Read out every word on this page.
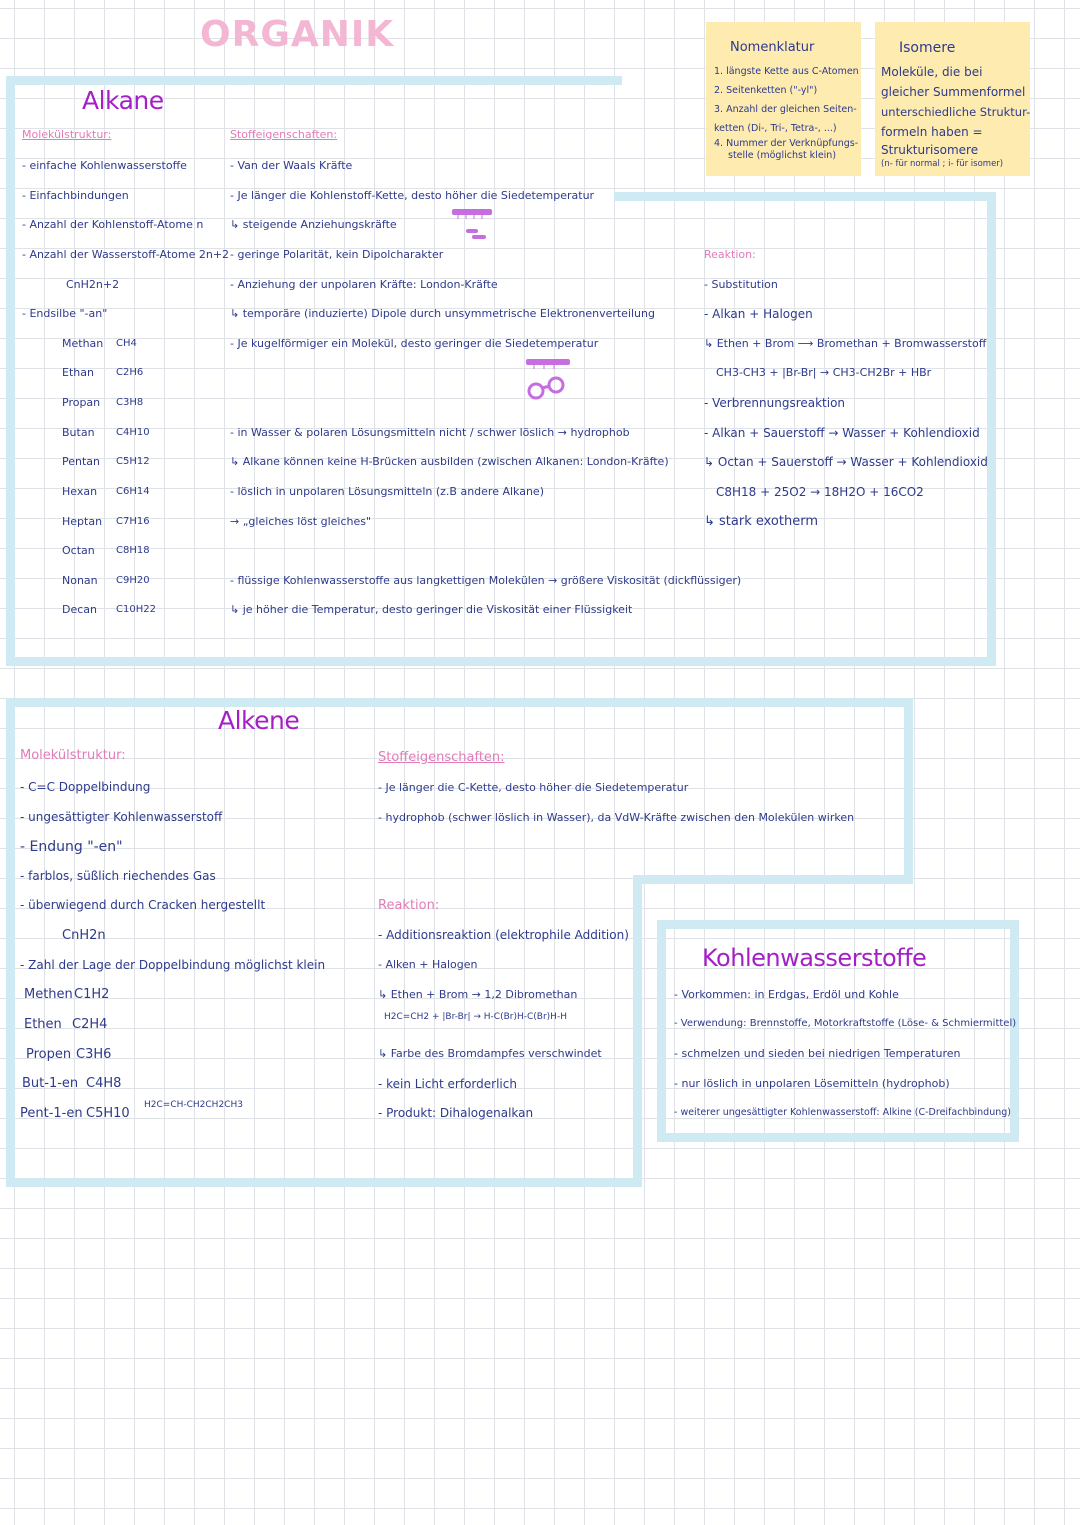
ORGANIK
Alkane
Molekülstruktur:
- einfache Kohlenwasserstoffe
- Einfachbindungen
- Anzahl der Kohlenstoff-Atome n
- Anzahl der Wasserstoff-Atome 2n+2
CnH2n+2
- Endsilbe "-an"
Methan CH4
Ethan C2H6
Propan C3H8
Butan C4H10
Pentan C5H12
Hexan C6H14
Heptan C7H16
Octan C8H18
Nonan C9H20
Decan C10H22
Stoffeigenschaften:
- Van der Waals Kräfte
- Je länger die Kohlenstoff-Kette, desto höher die Siedetemperatur
↳ steigende Anziehungskräfte
- geringe Polarität, kein Dipolcharakter
- Anziehung der unpolaren Kräfte: London-Kräfte
↳ temporäre (induzierte) Dipole durch unsymmetrische Elektronenverteilung
- Je kugelförmiger ein Molekül, desto geringer die Siedetemperatur
- in Wasser & polaren Lösungsmitteln nicht / schwer löslich → hydrophob
↳ Alkane können keine H-Brücken ausbilden (zwischen Alkanen: London-Kräfte)
- löslich in unpolaren Lösungsmitteln (z.B andere Alkane)
→ „gleiches löst gleiches"
- flüssige Kohlenwasserstoffe aus langkettigen Molekülen → größere Viskosität (dickflüssiger)
↳ je höher die Temperatur, desto geringer die Viskosität einer Flüssigkeit
Nomenklatur
1. längste Kette aus C-Atomen
2. Seitenketten ("-yl")
3. Anzahl der gleichen Seiten-
ketten (Di-, Tri-, Tetra-, ...)
4. Nummer der Verknüpfungs-
stelle (möglichst klein)
Isomere
Moleküle, die bei
gleicher Summenformel
unterschiedliche Struktur-
formeln haben =
Strukturisomere
(n- für normal ; i- für isomer)
Reaktion:
- Substitution
- Alkan + Halogen
↳ Ethen + Brom ⟶ Bromethan + Bromwasserstoff
CH3-CH3 + |Br-Br| → CH3-CH2Br + HBr
- Verbrennungsreaktion
- Alkan + Sauerstoff → Wasser + Kohlendioxid
↳ Octan + Sauerstoff → Wasser + Kohlendioxid
C8H18 + 25O2 → 18H2O + 16CO2
↳ stark exotherm
Alkene
Molekülstruktur:
- C=C Doppelbindung
- ungesättigter Kohlenwasserstoff
- Endung "-en"
- farblos, süßlich riechendes Gas
- überwiegend durch Cracken hergestellt
CnH2n
- Zahl der Lage der Doppelbindung möglichst klein
Methen C1H2
Ethen C2H4
Propen C3H6
But-1-en C4H8
Pent-1-en C5H10
H2C=CH-CH2CH2CH3
Stoffeigenschaften:
- Je länger die C-Kette, desto höher die Siedetemperatur
- hydrophob (schwer löslich in Wasser), da VdW-Kräfte zwischen den Molekülen wirken
Reaktion:
- Additionsreaktion (elektrophile Addition)
- Alken + Halogen
↳ Ethen + Brom → 1,2 Dibromethan
H2C=CH2 + |Br-Br| → H-C(Br)H-C(Br)H-H
↳ Farbe des Bromdampfes verschwindet
- kein Licht erforderlich
- Produkt: Dihalogenalkan
Kohlenwasserstoffe
- Vorkommen: in Erdgas, Erdöl und Kohle
- Verwendung: Brennstoffe, Motorkraftstoffe (Löse- & Schmiermittel)
- schmelzen und sieden bei niedrigen Temperaturen
- nur löslich in unpolaren Lösemitteln (hydrophob)
- weiterer ungesättigter Kohlenwasserstoff: Alkine (C-Dreifachbindung)
